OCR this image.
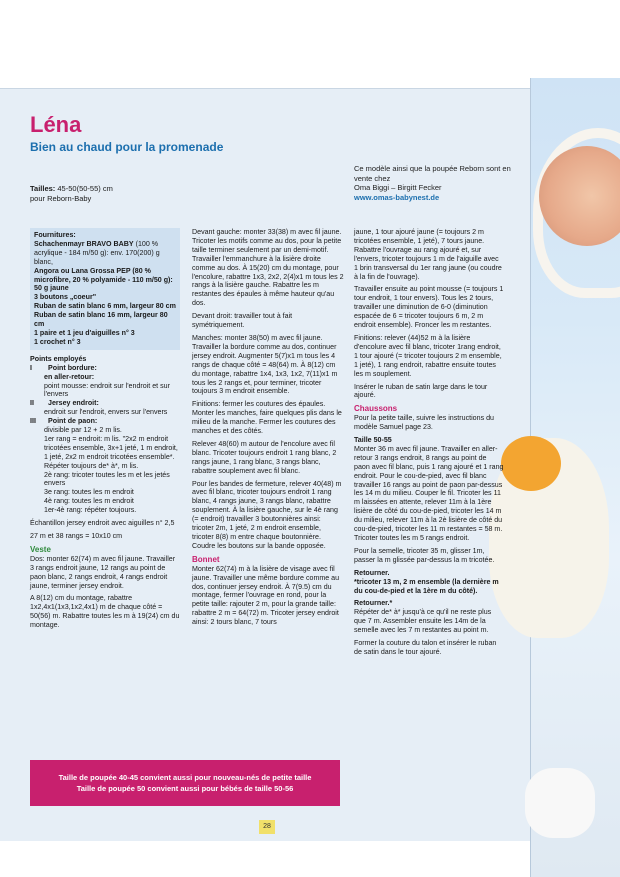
Léna
Bien au chaud pour la promenade
Ce modèle ainsi que la poupée Reborn sont en vente chez
Oma Biggi – Birgitt Fecker
www.omas-babynest.de
Tailles: 45-50(50-55) cm
pour Reborn-Baby
Fournitures:
Schachenmayr BRAVO BABY (100 % acrylique - 184 m/50 g): env. 170(200) g blanc,
Angora ou Lana Grossa PEP (80 % microfibre, 20 % polyamide - 110 m/50 g): 50 g jaune
3 boutons „coeur"
Ruban de satin blanc 6 mm, largeur 80 cm
Ruban de satin blanc 16 mm, largeur 80 cm
1 paire et 1 jeu d'aiguilles n° 3
1 crochet n° 3
Points employés
I	Point bordure:
en aller-retour:
point mousse: endroit sur l'endroit et sur l'envers
II	Jersey endroit:
endroit sur l'endroit, envers sur l'envers
III	Point de paon:
divisible par 12 + 2 m lis.
1er rang = endroit: m lis. "2x2 m endroit tricotées ensemble, 3x+1 jeté, 1 m endroit, 1 jeté, 2x2 m endroit tricotées ensemble*. Répéter toujours de* à*, m lis.
2è rang: tricoter toutes les m et les jetés envers
3e rang: toutes les m endroit
4è rang: toutes les m endroit
1er-4è rang: répéter toujours.

Échantillon jersey endroit avec aiguilles n° 2,5

27 m et 38 rangs = 10x10 cm

Veste

Dos: monter 62(74) m avec fil jaune. Travailler 3 rangs endroit jaune, 12 rangs au point de paon blanc, 2 rangs endroit, 4 rangs endroit jaune, terminer jersey endroit.

A 8(12) cm du montage, rabattre 1x2,4x1(1x3,1x2,4x1) m de chaque côté = 50(56) m. Rabattre toutes les m à 19(24) cm du montage.

Devant gauche: monter 33(38) m avec fil jaune. Tricoter les motifs comme au dos, pour la petite taille terminer seulement par un demi-motif. Travailler l'emmanchure à la lisière droite comme au dos. À 15(20) cm du montage, pour l'encolure, rabattre 1x3, 2x2, 2(4)x1 m tous les 2 rangs à la lisière gauche. Rabattre les m restantes des épaules à même hauteur qu'au dos.

Devant droit: travailler tout à fait symétriquement.

Manches: monter 38(50) m avec fil jaune. Travailler la bordure comme au dos, continuer jersey endroit. Augmenter 5(7)x1 m tous les 4 rangs de chaque côté = 48(64) m. À 8(12) cm du montage, rabattre 1x4, 1x3, 1x2, 7(11)x1 m tous les 2 rangs et, pour terminer, tricoter toujours 3 m endroit ensemble.

Finitions: fermer les coutures des épaules. Monter les manches, faire quelques plis dans le milieu de la manche. Fermer les coutures des manches et des côtés.

Relever 48(60) m autour de l'encolure avec fil blanc. Tricoter toujours endroit 1 rang blanc, 2 rangs jaune, 1 rang blanc, 3 rangs blanc, rabattre souplement avec fil blanc.

Pour les bandes de fermeture, relever 40(48) m avec fil blanc, tricoter toujours endroit 1 rang blanc, 4 rangs jaune, 3 rangs blanc, rabattre souplement. À la lisière gauche, sur le 4è rang (= endroit) travailler 3 boutonnières ainsi: tricoter 2m, 1 jeté, 2 m endroit ensemble, tricoter 8(8) m entre chaque boutonnière. Coudre les boutons sur la bande opposée.

Bonnet

Monter 62(74) m à la lisière de visage avec fil jaune. Travailler une même bordure comme au dos, continuer jersey endroit. À 7(9.5) cm du montage, fermer l'ouvrage en rond, pour la petite taille: rajouter 2 m, pour la grande taille: rabattre 2 m = 64(72) m. Tricoter jersey endroit ainsi: 2 tours blanc, 7 tours

jaune, 1 tour ajouré jaune (= toujours 2 m tricotées ensemble, 1 jeté), 7 tours jaune. Rabattre l'ouvrage au rang ajouré et, sur l'envers, tricoter toujours 1 m de l'aiguille avec 1 brin transversal du 1er rang jaune (ou coudre à la fin de l'ouvrage).

Travailler ensuite au point mousse (= toujours 1 tour endroit, 1 tour envers). Tous les 2 tours, travailler une diminution de 6-0 (diminution espacée de 6 = tricoter toujours 6 m, 2 m endroit ensemble). Froncer les m restantes.

Finitions: relever (44)52 m à la lisière d'encolure avec fil blanc, tricoter 1rang endroit, 1 tour ajouré (= tricoter toujours 2 m ensemble, 1 jeté), 1 rang endroit, rabattre ensuite toutes les m souplement.

Insérer le ruban de satin large dans le tour ajouré.

Chaussons

Pour la petite taille, suivre les instructions du modèle Samuel page 23.

Taille 50-55

Monter 36 m avec fil jaune. Travailler en aller-retour 3 rangs endroit, 8 rangs au point de paon avec fil blanc, puis 1 rang ajouré et 1 rang endroit. Pour le cou-de-pied, avec fil blanc travailler 16 rangs au point de paon par-dessus les 14 m du milieu. Couper le fil. Tricoter les 11 m laissées en attente, relever 11m à la 1ère lisière de côté du cou-de-pied, tricoter les 14 m du milieu, relever 11m à la 2è lisière de côté du cou-de-pied, tricoter les 11 m restantes = 58 m. Tricoter toutes les m 5 rangs endroit.

Pour la semelle, tricoter 35 m, glisser 1m, passer la m glissée par-dessus la m tricotée.

Retourner.

*tricoter 13 m, 2 m ensemble (la dernière m du cou-de-pied et la 1ère m du côté).

Retourner.*

Répéter de* à* jusqu'à ce qu'il ne reste plus que 7 m. Assembler ensuite les 14m de la semelle avec les 7 m restantes au point m.

Former la couture du talon et insérer le ruban de satin dans le tour ajouré.

Taille de poupée 40-45 convient aussi pour nouveau-nés de petite taille
Taille de poupée 50 convient aussi pour bébés de taille 50-56
28
